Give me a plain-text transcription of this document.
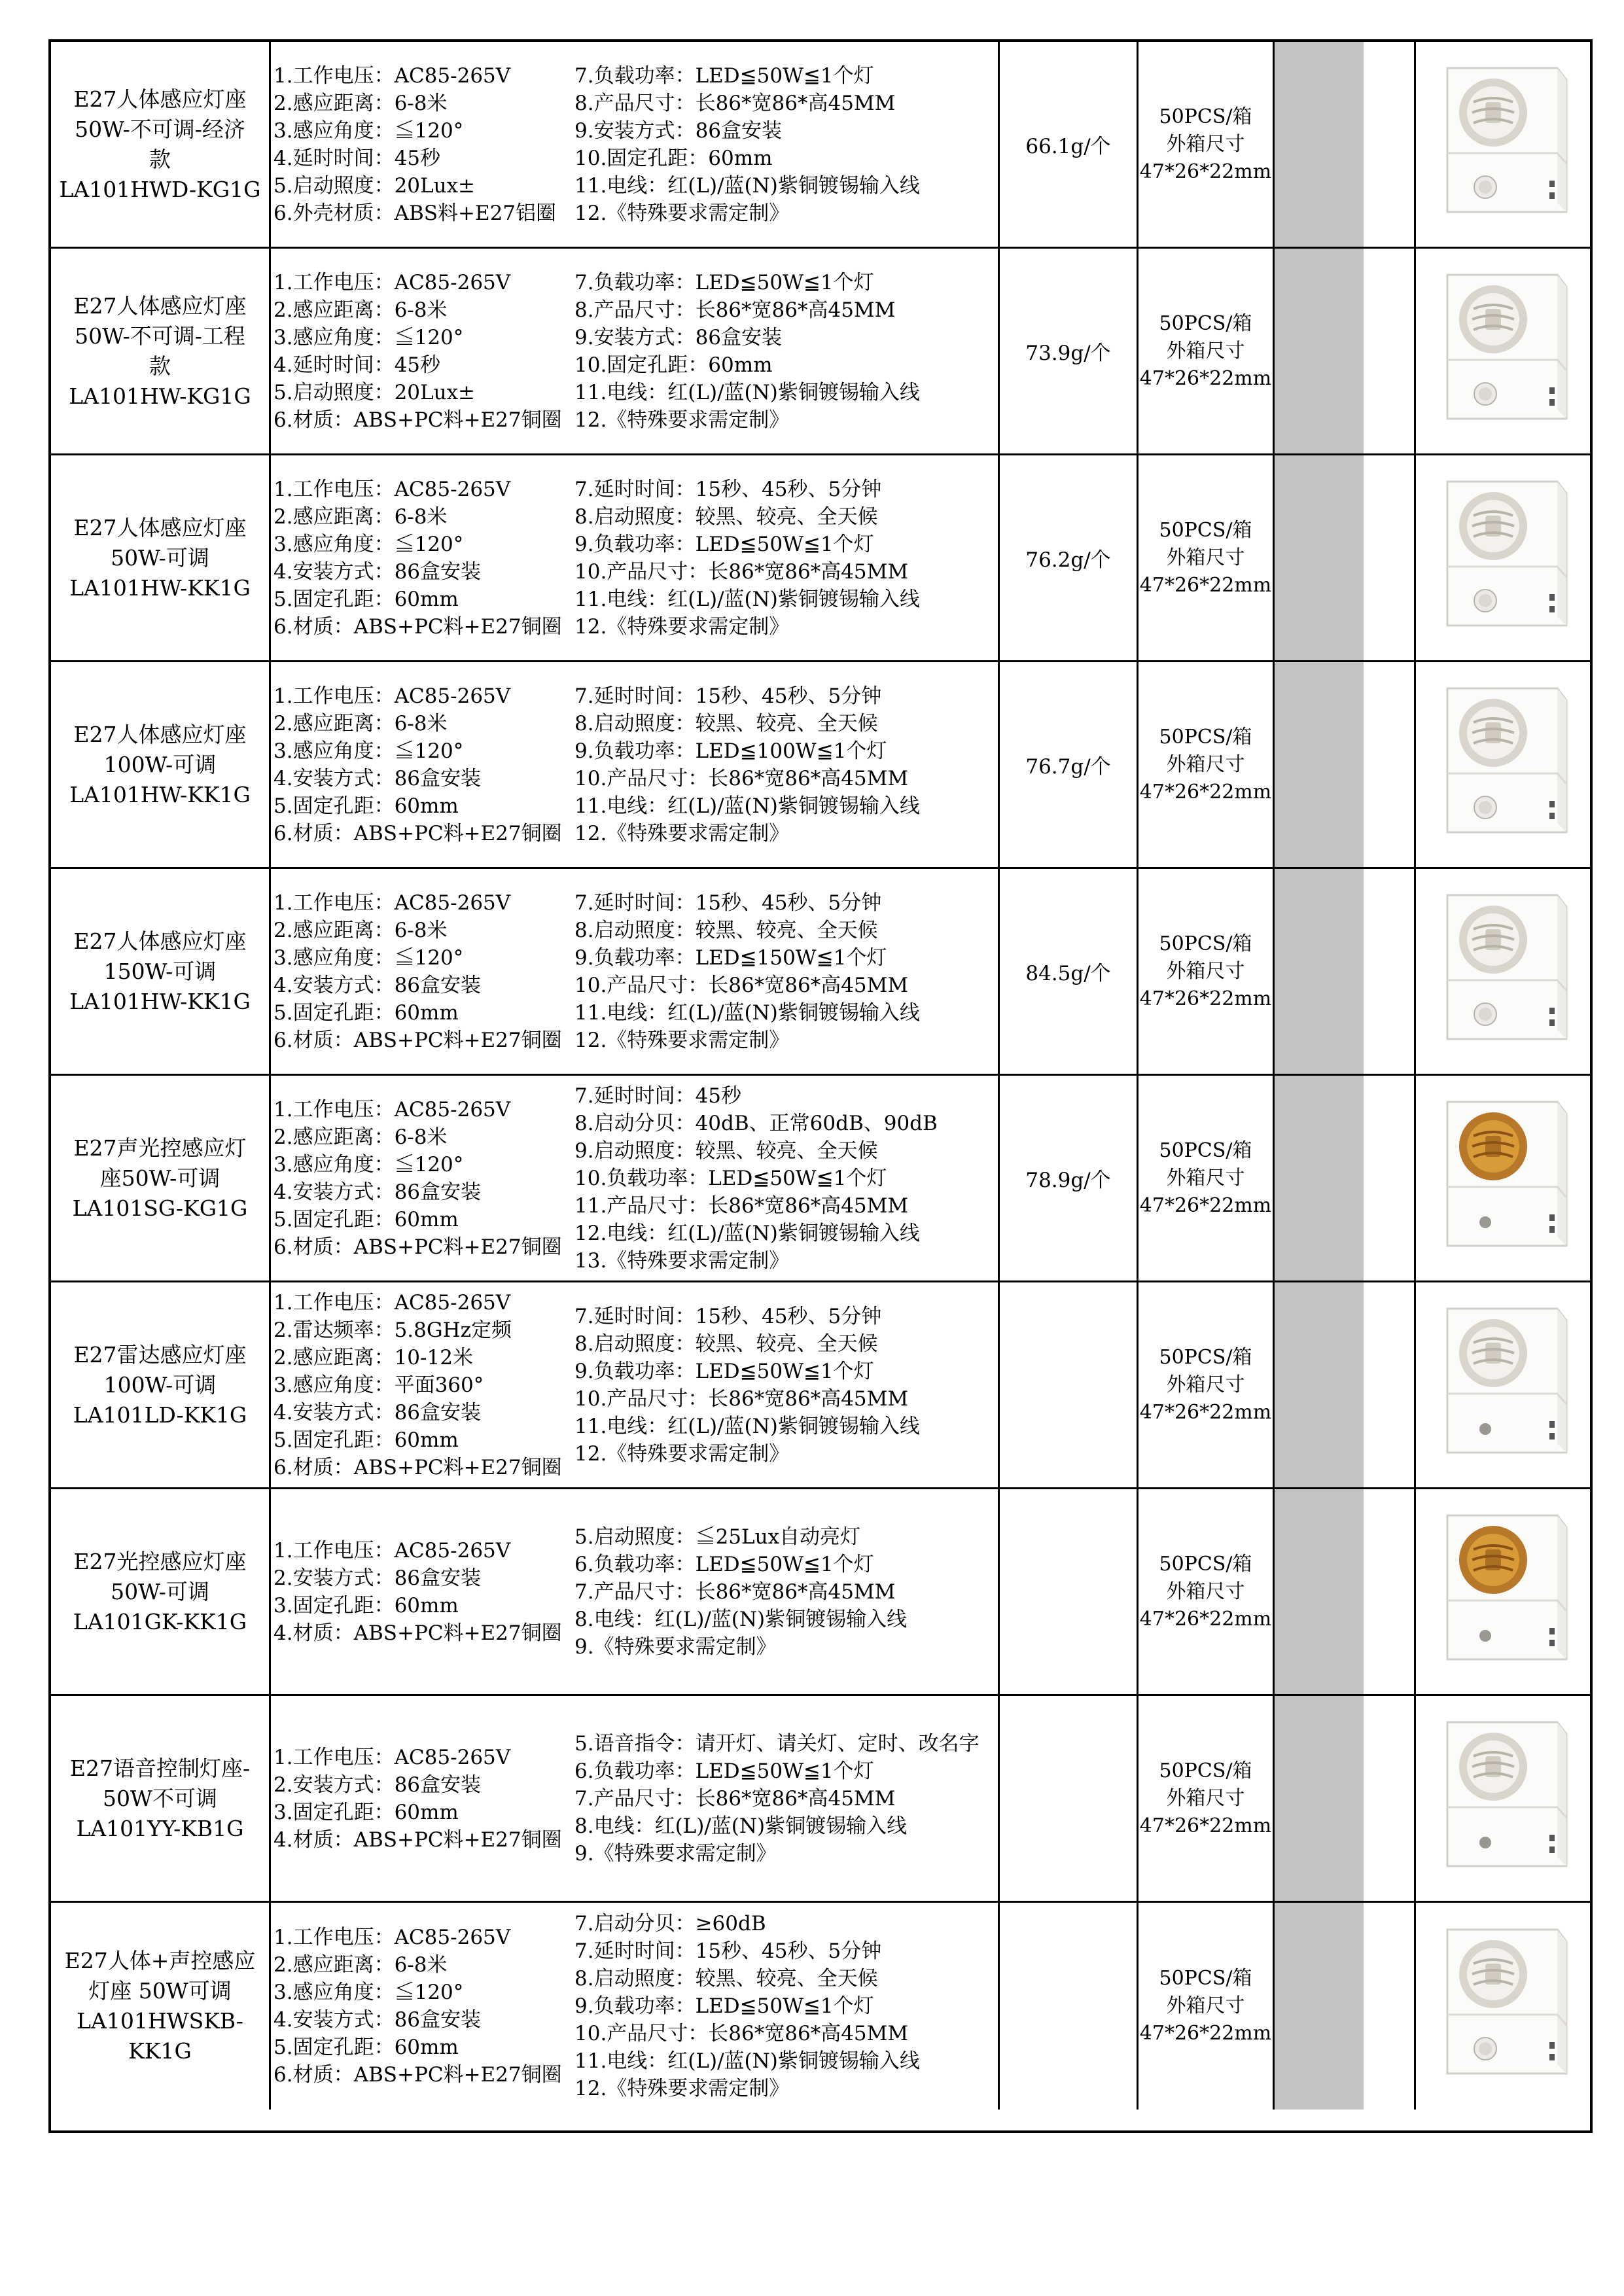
E27人体感应灯座
50W-不可调-经济
款
LA101HWD-KG1G
1.工作电压：AC85-265V
2.感应距离：6-8米
3.感应角度：≦120°
4.延时时间：45秒
5.启动照度：20Lux±
6.外壳材质：ABS料+E27铝圈
7.负载功率：LED≦50W≦1个灯
8.产品尺寸：长86*宽86*高45MM
9.安装方式：86盒安装
10.固定孔距：60mm
11.电线：红(L)/蓝(N)紫铜镀锡输入线
12.《特殊要求需定制》
66.1g/个
50PCS/箱
外箱尺寸
47*26*22mm
E27人体感应灯座
50W-不可调-工程
款
LA101HW-KG1G
1.工作电压：AC85-265V
2.感应距离：6-8米
3.感应角度：≦120°
4.延时时间：45秒
5.启动照度：20Lux±
6.材质：ABS+PC料+E27铜圈
7.负载功率：LED≦50W≦1个灯
8.产品尺寸：长86*宽86*高45MM
9.安装方式：86盒安装
10.固定孔距：60mm
11.电线：红(L)/蓝(N)紫铜镀锡输入线
12.《特殊要求需定制》
73.9g/个
50PCS/箱
外箱尺寸
47*26*22mm
E27人体感应灯座
50W-可调
LA101HW-KK1G
1.工作电压：AC85-265V
2.感应距离：6-8米
3.感应角度：≦120°
4.安装方式：86盒安装
5.固定孔距：60mm
6.材质：ABS+PC料+E27铜圈
7.延时时间：15秒、45秒、5分钟
8.启动照度：较黑、较亮、全天候
9.负载功率：LED≦50W≦1个灯
10.产品尺寸：长86*宽86*高45MM
11.电线：红(L)/蓝(N)紫铜镀锡输入线
12.《特殊要求需定制》
76.2g/个
50PCS/箱
外箱尺寸
47*26*22mm
E27人体感应灯座
100W-可调
LA101HW-KK1G
1.工作电压：AC85-265V
2.感应距离：6-8米
3.感应角度：≦120°
4.安装方式：86盒安装
5.固定孔距：60mm
6.材质：ABS+PC料+E27铜圈
7.延时时间：15秒、45秒、5分钟
8.启动照度：较黑、较亮、全天候
9.负载功率：LED≦100W≦1个灯
10.产品尺寸：长86*宽86*高45MM
11.电线：红(L)/蓝(N)紫铜镀锡输入线
12.《特殊要求需定制》
76.7g/个
50PCS/箱
外箱尺寸
47*26*22mm
E27人体感应灯座
150W-可调
LA101HW-KK1G
1.工作电压：AC85-265V
2.感应距离：6-8米
3.感应角度：≦120°
4.安装方式：86盒安装
5.固定孔距：60mm
6.材质：ABS+PC料+E27铜圈
7.延时时间：15秒、45秒、5分钟
8.启动照度：较黑、较亮、全天候
9.负载功率：LED≦150W≦1个灯
10.产品尺寸：长86*宽86*高45MM
11.电线：红(L)/蓝(N)紫铜镀锡输入线
12.《特殊要求需定制》
84.5g/个
50PCS/箱
外箱尺寸
47*26*22mm
E27声光控感应灯
座50W-可调
LA101SG-KG1G
1.工作电压：AC85-265V
2.感应距离：6-8米
3.感应角度：≦120°
4.安装方式：86盒安装
5.固定孔距：60mm
6.材质：ABS+PC料+E27铜圈
7.延时时间：45秒
8.启动分贝：40dB、正常60dB、90dB
9.启动照度：较黑、较亮、全天候
10.负载功率：LED≦50W≦1个灯
11.产品尺寸：长86*宽86*高45MM
12.电线：红(L)/蓝(N)紫铜镀锡输入线
13.《特殊要求需定制》
78.9g/个
50PCS/箱
外箱尺寸
47*26*22mm
E27雷达感应灯座
100W-可调
LA101LD-KK1G
1.工作电压：AC85-265V
2.雷达频率：5.8GHz定频
2.感应距离：10-12米
3.感应角度：平面360°
4.安装方式：86盒安装
5.固定孔距：60mm
6.材质：ABS+PC料+E27铜圈
7.延时时间：15秒、45秒、5分钟
8.启动照度：较黑、较亮、全天候
9.负载功率：LED≦50W≦1个灯
10.产品尺寸：长86*宽86*高45MM
11.电线：红(L)/蓝(N)紫铜镀锡输入线
12.《特殊要求需定制》
50PCS/箱
外箱尺寸
47*26*22mm
E27光控感应灯座
50W-可调
LA101GK-KK1G
1.工作电压：AC85-265V
2.安装方式：86盒安装
3.固定孔距：60mm
4.材质：ABS+PC料+E27铜圈
5.启动照度：≦25Lux自动亮灯
6.负载功率：LED≦50W≦1个灯
7.产品尺寸：长86*宽86*高45MM
8.电线：红(L)/蓝(N)紫铜镀锡输入线
9.《特殊要求需定制》
50PCS/箱
外箱尺寸
47*26*22mm
E27语音控制灯座-
50W不可调
LA101YY-KB1G
1.工作电压：AC85-265V
2.安装方式：86盒安装
3.固定孔距：60mm
4.材质：ABS+PC料+E27铜圈
5.语音指令：请开灯、请关灯、定时、改名字
6.负载功率：LED≦50W≦1个灯
7.产品尺寸：长86*宽86*高45MM
8.电线：红(L)/蓝(N)紫铜镀锡输入线
9.《特殊要求需定制》
50PCS/箱
外箱尺寸
47*26*22mm
E27人体+声控感应
灯座 50W可调
LA101HWSKB-KK1G
1.工作电压：AC85-265V
2.感应距离：6-8米
3.感应角度：≦120°
4.安装方式：86盒安装
5.固定孔距：60mm
6.材质：ABS+PC料+E27铜圈
7.启动分贝：≥60dB
7.延时时间：15秒、45秒、5分钟
8.启动照度：较黑、较亮、全天候
9.负载功率：LED≦50W≦1个灯
10.产品尺寸：长86*宽86*高45MM
11.电线：红(L)/蓝(N)紫铜镀锡输入线
12.《特殊要求需定制》
50PCS/箱
外箱尺寸
47*26*22mm
